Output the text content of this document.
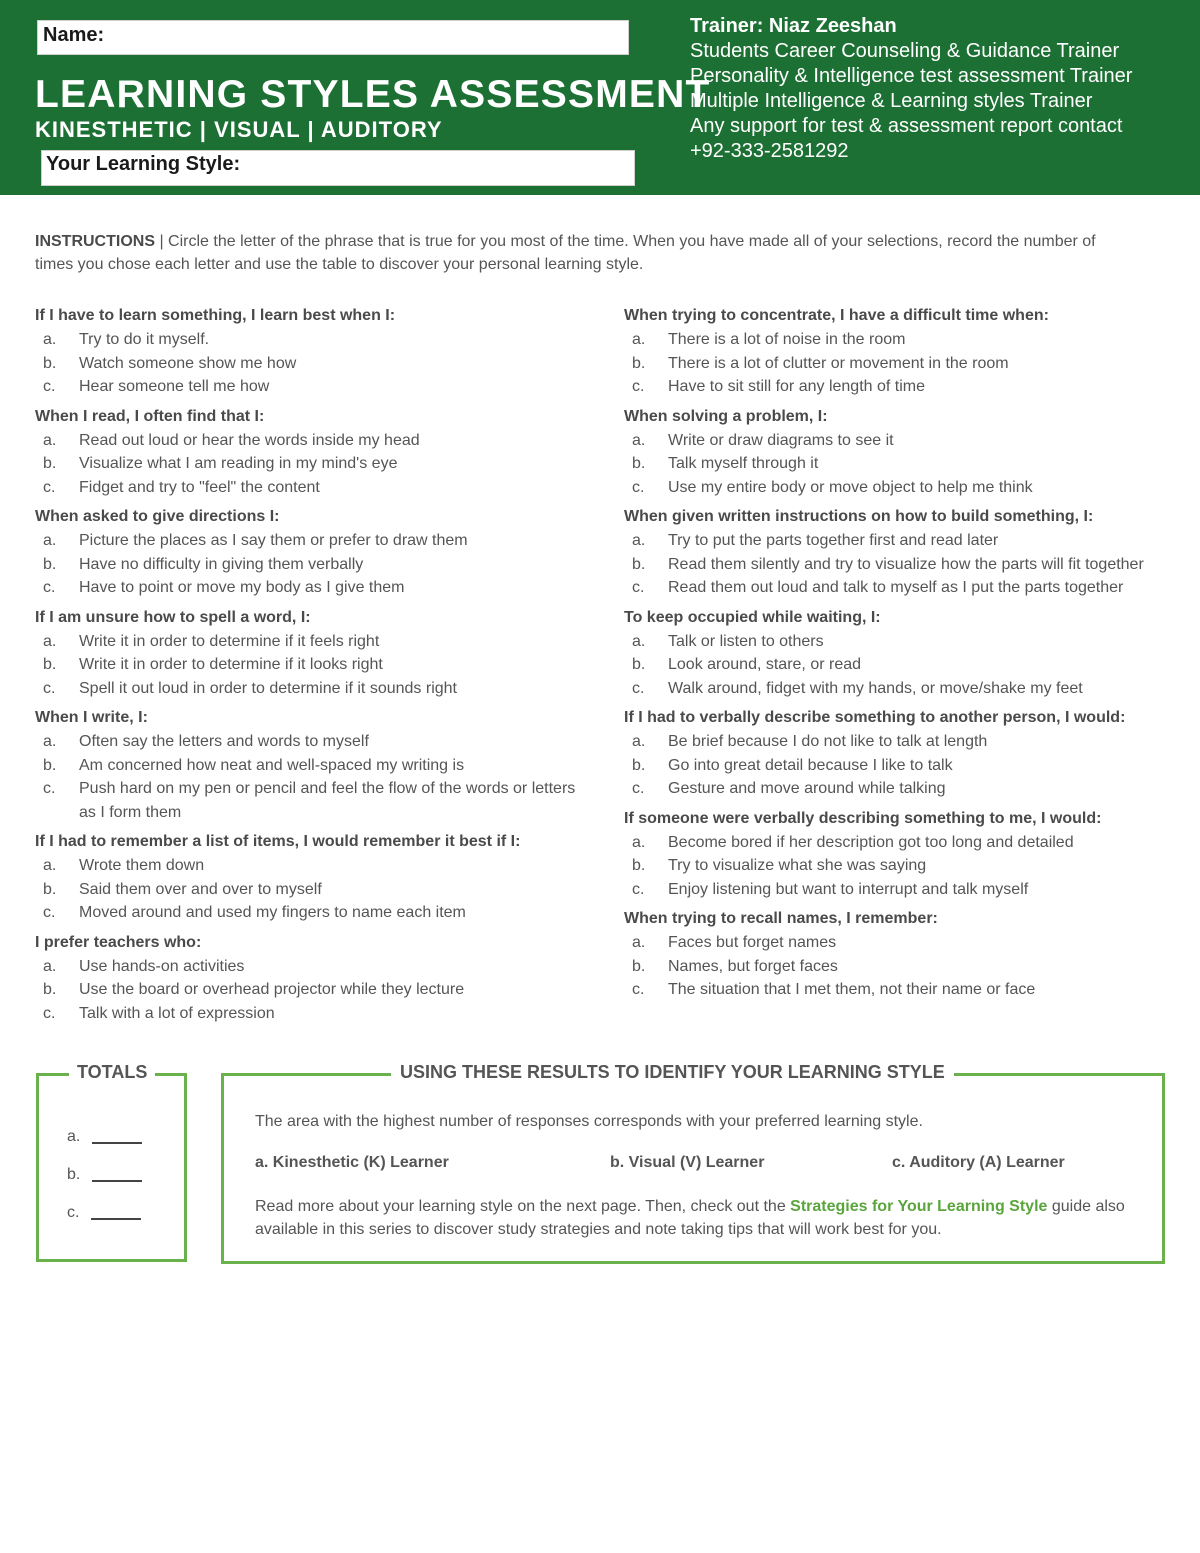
Name:
LEARNING STYLES ASSESSMENT
KINESTHETIC | VISUAL | AUDITORY
Your Learning Style:
Trainer: Niaz Zeeshan
Students Career Counseling & Guidance Trainer
Personality & Intelligence test assessment Trainer
Multiple Intelligence & Learning styles Trainer
Any support for test & assessment report contact
+92-333-2581292
INSTRUCTIONS | Circle the letter of the phrase that is true for you most of the time. When you have made all of your selections, record the number of times you chose each letter and use the table to discover your personal learning style.
If I have to learn something, I learn best when I:
a.	Try to do it myself.
b.	Watch someone show me how
c.	Hear someone tell me how
When I read, I often find that I:
a.	Read out loud or hear the words inside my head
b.	Visualize what I am reading in my mind's eye
c.	Fidget and try to "feel" the content
When asked to give directions I:
a.	Picture the places as I say them or prefer to draw them
b.	Have no difficulty in giving them verbally
c.	Have to point or move my body as I give them
If I am unsure how to spell a word, I:
a.	Write it in order to determine if it feels right
b.	Write it in order to determine if it looks right
c.	Spell it out loud in order to determine if it sounds right
When I write, I:
a.	Often say the letters and words to myself
b.	Am concerned how neat and well-spaced my writing is
c.	Push hard on my pen or pencil and feel the flow of the words or letters as I form them
If I had to remember a list of items, I would remember it best if I:
a.	Wrote them down
b.	Said them over and over to myself
c.	Moved around and used my fingers to name each item
I prefer teachers who:
a.	Use hands-on activities
b.	Use the board or overhead projector while they lecture
c.	Talk with a lot of expression
When trying to concentrate, I have a difficult time when:
a.	There is a lot of noise in the room
b.	There is a lot of clutter or movement in the room
c.	Have to sit still for any length of time
When solving a problem, I:
a.	Write or draw diagrams to see it
b.	Talk myself through it
c.	Use my entire body or move object to help me think
When given written instructions on how to build something, I:
a.	Try to put the parts together first and read later
b.	Read them silently and try to visualize how the parts will fit together
c.	Read them out loud and talk to myself as I put the parts together
To keep occupied while waiting, I:
a.	Talk or listen to others
b.	Look around, stare, or read
c.	Walk around, fidget with my hands, or move/shake my feet
If I had to verbally describe something to another person, I would:
a.	Be brief because I do not like to talk at length
b.	Go into great detail because I like to talk
c.	Gesture and move around while talking
If someone were verbally describing something to me, I would:
a.	Become bored if her description got too long and detailed
b.	Try to visualize what she was saying
c.	Enjoy listening but want to interrupt and talk myself
When trying to recall names, I remember:
a.	Faces but forget names
b.	Names, but forget faces
c.	The situation that I met them, not their name or face
TOTALS
a.
b.
c.
USING THESE RESULTS TO IDENTIFY YOUR LEARNING STYLE
The area with the highest number of responses corresponds with your preferred learning style.
a. Kinesthetic (K) Learner	b. Visual (V) Learner	c. Auditory (A) Learner
Read more about your learning style on the next page. Then, check out the Strategies for Your Learning Style guide also available in this series to discover study strategies and note taking tips that will work best for you.
